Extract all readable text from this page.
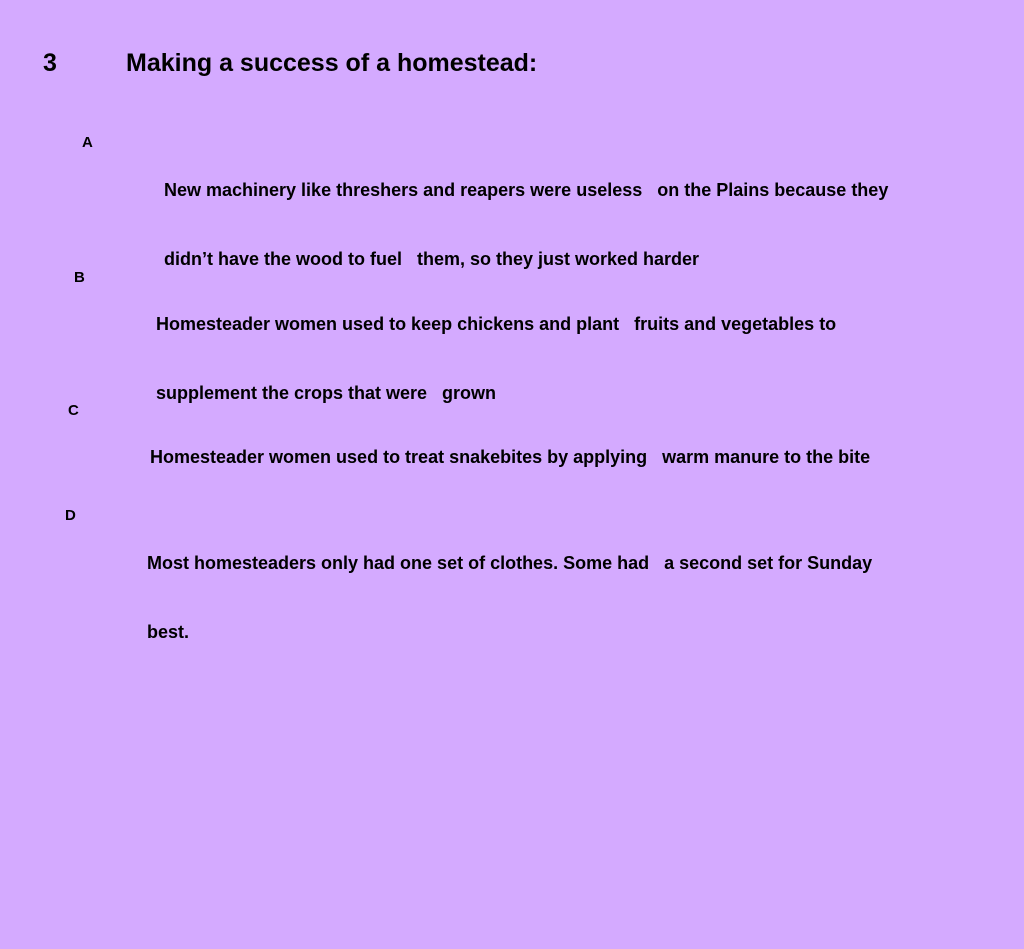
3	Making a success of a homestead:
A

New machinery like threshers and reapers were useless   on the Plains because they

didn’t have the wood to fuel   them, so they just worked harder

B

Homesteader women used to keep chickens and plant   fruits and vegetables to

supplement the crops that were   grown

C

Homesteader women used to treat snakebites by applying   warm manure to the bite

D

Most homesteaders only had one set of clothes. Some had   a second set for Sunday

best.
